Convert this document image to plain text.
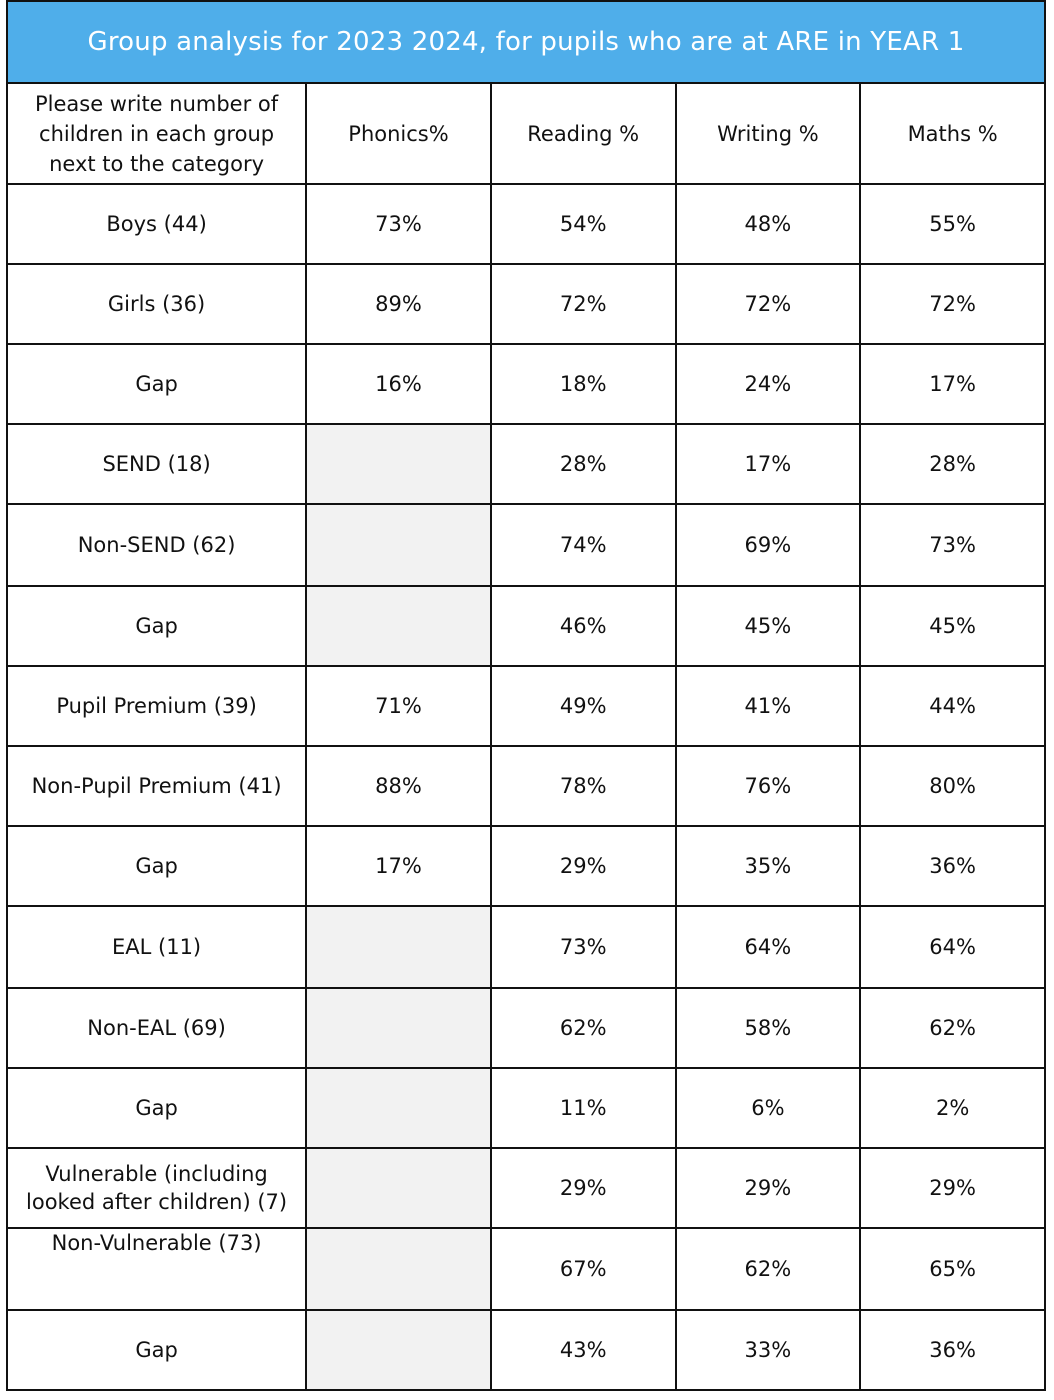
Group analysis for 2023 2024, for pupils who are at ARE in YEAR 1
Please write number of children in each group next to the category	Phonics%	Reading %	Writing %	Maths %
Boys (44)	73%	54%	48%	55%
Girls (36)	89%	72%	72%	72%
Gap	16%	18%	24%	17%
SEND (18)		28%	17%	28%
Non-SEND (62)		74%	69%	73%
Gap		46%	45%	45%
Pupil Premium (39)	71%	49%	41%	44%
Non-Pupil Premium (41)	88%	78%	76%	80%
Gap	17%	29%	35%	36%
EAL (11)		73%	64%	64%
Non-EAL (69)		62%	58%	62%
Gap		11%	6%	2%
Vulnerable (including looked after children) (7)		29%	29%	29%
Non-Vulnerable (73)		67%	62%	65%
Gap		43%	33%	36%
